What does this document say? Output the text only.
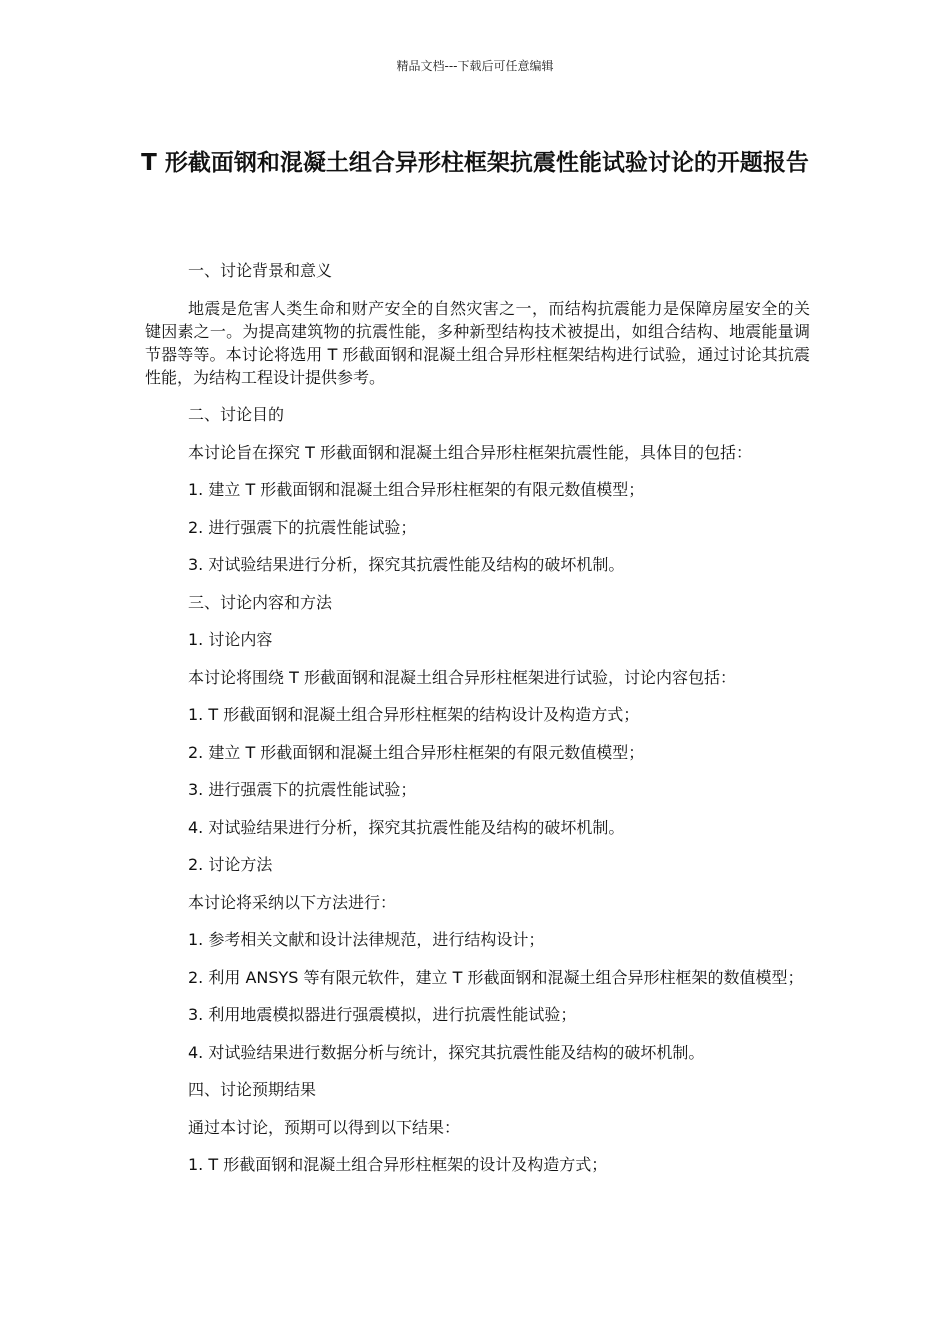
精品文档---下载后可任意编辑
T 形截面钢和混凝土组合异形柱框架抗震性能试验讨论的开题报告

一、讨论背景和意义

地震是危害人类生命和财产安全的自然灾害之一，而结构抗震能力是保障房屋安全的关键因素之一。为提高建筑物的抗震性能，多种新型结构技术被提出，如组合结构、地震能量调节器等等。本讨论将选用 T 形截面钢和混凝土组合异形柱框架结构进行试验，通过讨论其抗震性能，为结构工程设计提供参考。

二、讨论目的

本讨论旨在探究 T 形截面钢和混凝土组合异形柱框架抗震性能，具体目的包括：

1. 建立 T 形截面钢和混凝土组合异形柱框架的有限元数值模型；

2. 进行强震下的抗震性能试验；

3. 对试验结果进行分析，探究其抗震性能及结构的破坏机制。

三、讨论内容和方法

1. 讨论内容

本讨论将围绕 T 形截面钢和混凝土组合异形柱框架进行试验，讨论内容包括：

1. T 形截面钢和混凝土组合异形柱框架的结构设计及构造方式；

2. 建立 T 形截面钢和混凝土组合异形柱框架的有限元数值模型；

3. 进行强震下的抗震性能试验；

4. 对试验结果进行分析，探究其抗震性能及结构的破坏机制。

2. 讨论方法

本讨论将采纳以下方法进行：

1. 参考相关文献和设计法律规范，进行结构设计；

2. 利用 ANSYS 等有限元软件，建立 T 形截面钢和混凝土组合异形柱框架的数值模型；

3. 利用地震模拟器进行强震模拟，进行抗震性能试验；

4. 对试验结果进行数据分析与统计，探究其抗震性能及结构的破坏机制。

四、讨论预期结果

通过本讨论，预期可以得到以下结果：

1. T 形截面钢和混凝土组合异形柱框架的设计及构造方式；
